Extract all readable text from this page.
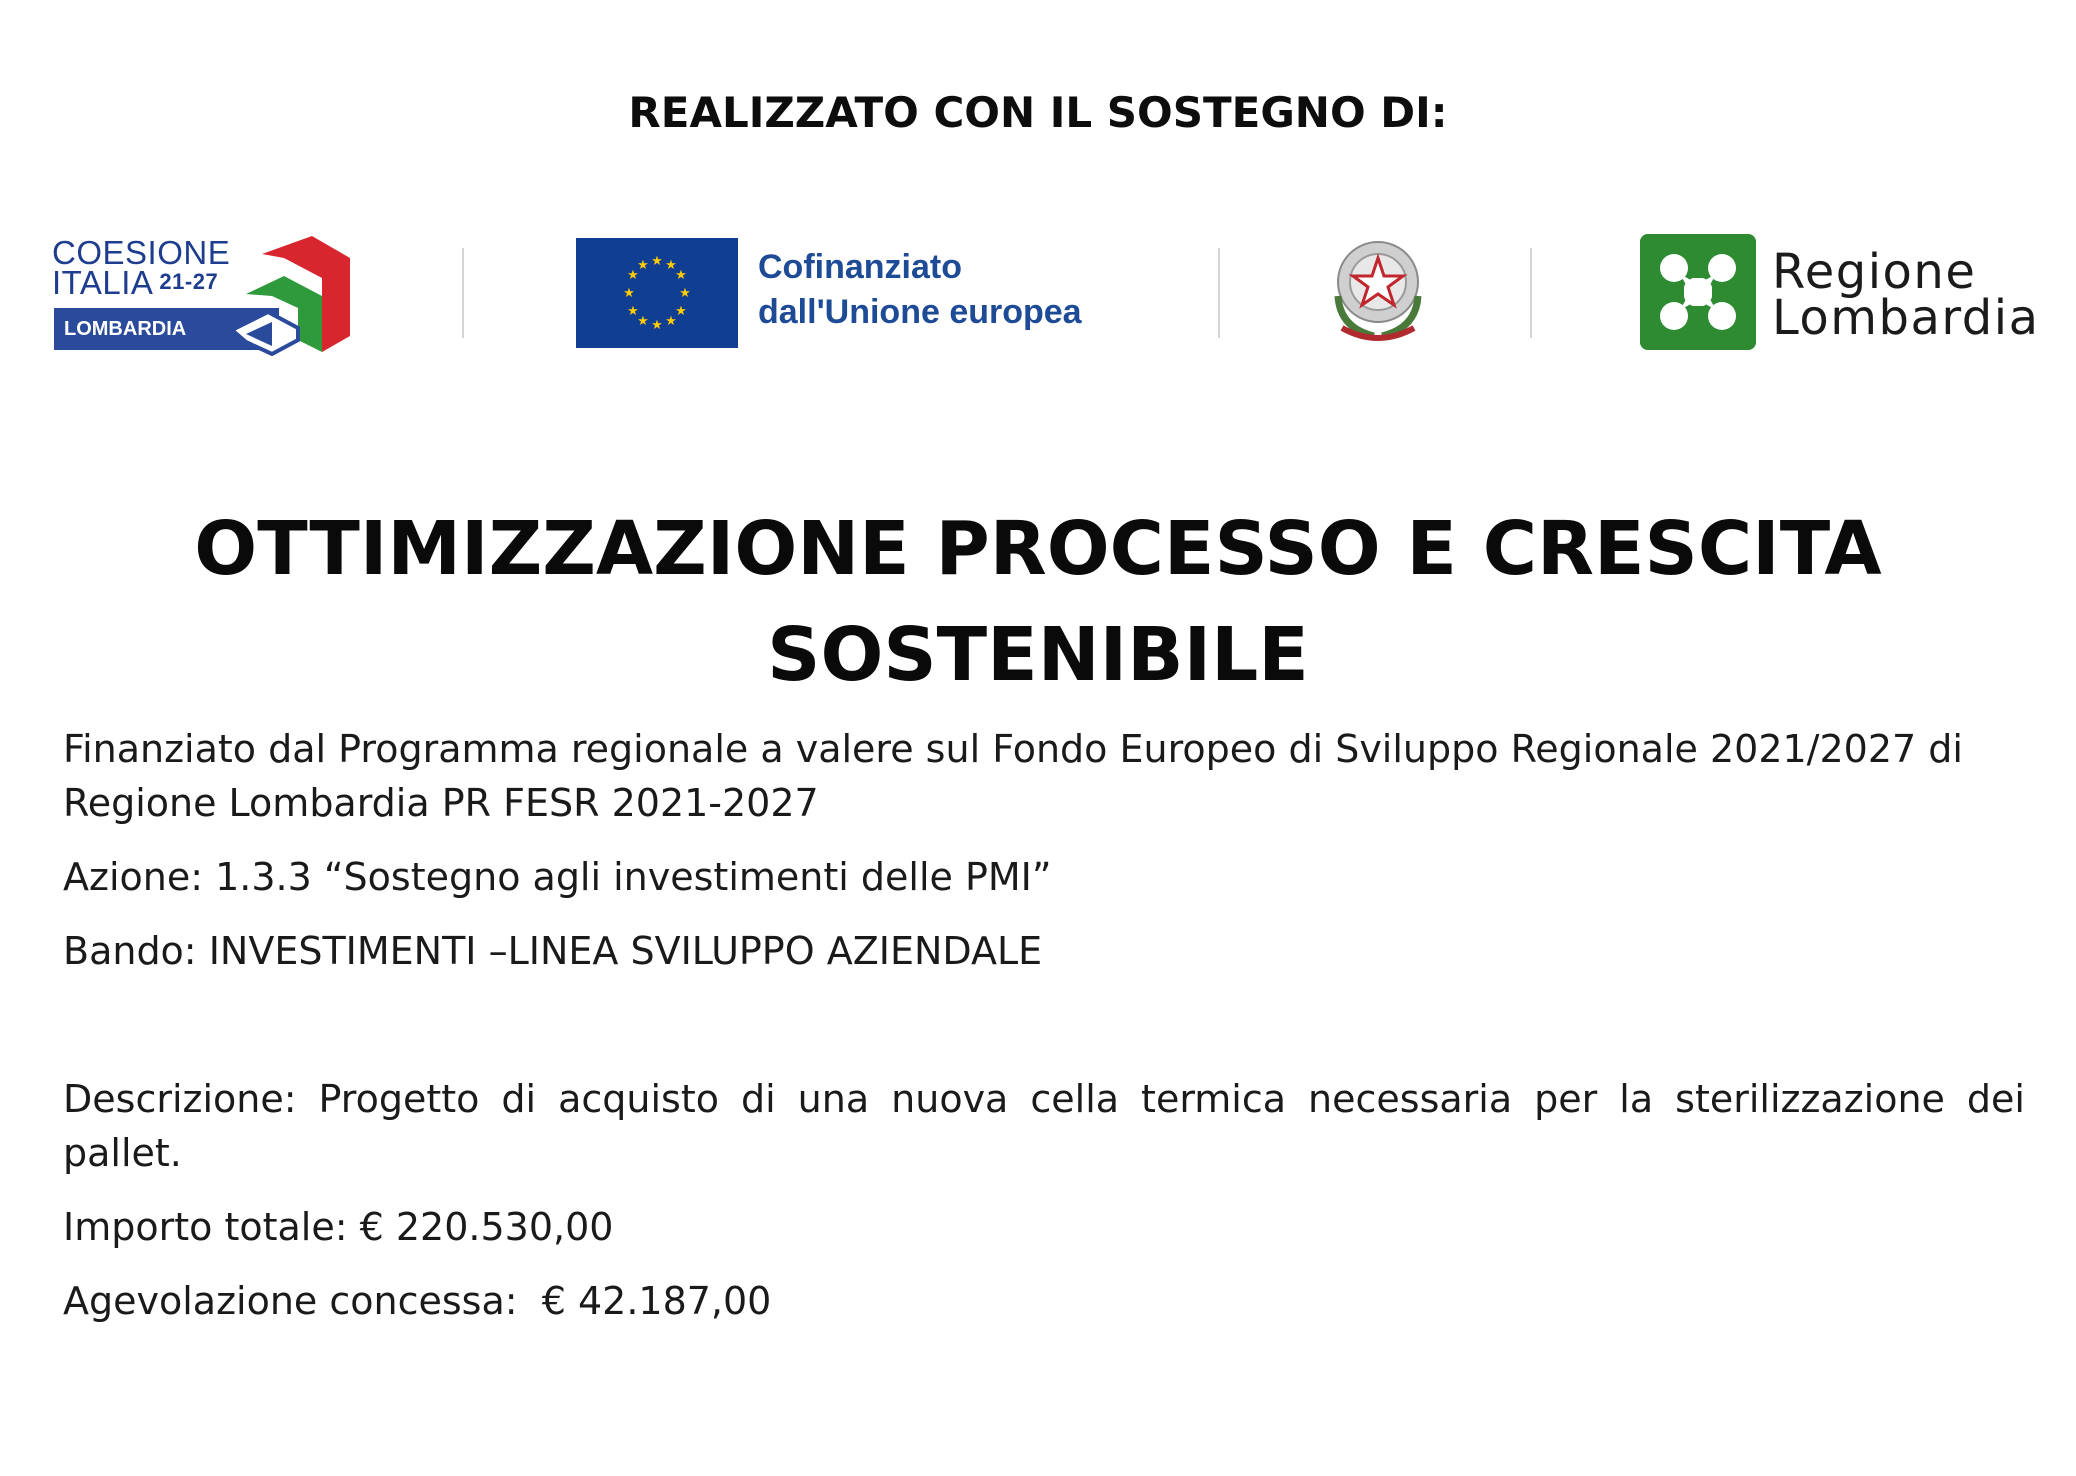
REALIZZATO CON IL SOSTEGNO DI:
COESIONE
ITALIA 21-27
LOMBARDIA
★ ★
★
★
★
★
★
★
★
★
★
★	Cofinanziato
dall'Unione europea
Regione
Lombardia
OTTIMIZZAZIONE PROCESSO E CRESCITA
SOSTENIBILE
Finanziato dal Programma regionale a valere sul Fondo Europeo di Sviluppo Regionale 2021/2027 di Regione Lombardia PR FESR 2021-2027
Azione: 1.3.3 “Sostegno agli investimenti delle PMI”
Bando: INVESTIMENTI –LINEA SVILUPPO AZIENDALE
Descrizione: Progetto di acquisto di una nuova cella termica necessaria per la sterilizzazione dei pallet.
Importo totale: € 220.530,00
Agevolazione concessa:  € 42.187,00
